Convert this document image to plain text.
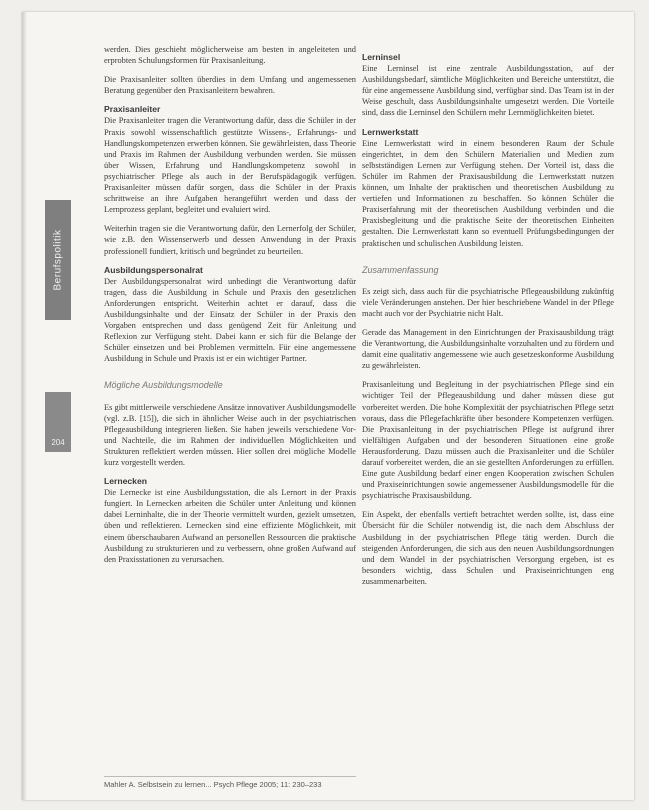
Berufspolitik
204

werden. Dies geschieht möglicherweise am besten in angeleiteten und erprobten Schulungsformen für Praxisanleitung.

Die Praxisanleiter sollten überdies in dem Umfang und angemessenen Beratung gegenüber den Praxisanleitern bewahren.

Praxisanleiter

Die Praxisanleiter tragen die Verantwortung dafür, dass die Schüler in der Praxis sowohl wissenschaftlich gestützte Wissens-, Erfahrungs- und Handlungskompetenzen erwerben können. Sie gewährleisten, dass Theorie und Praxis im Rahmen der Ausbildung verbunden werden. Sie müssen über Wissen, Erfahrung und Handlungskompetenz sowohl in psychiatrischer Pflege als auch in der Berufspädagogik verfügen. Praxisanleiter müssen dafür sorgen, dass die Schüler in der Praxis schrittweise an ihre Aufgaben herangeführt werden und dass der Lernprozess geplant, begleitet und evaluiert wird.

Weiterhin tragen sie die Verantwortung dafür, den Lernerfolg der Schüler, wie z.B. den Wissenserwerb und dessen Anwendung in der Praxis professionell fundiert, kritisch und begründet zu beurteilen.

Ausbildungspersonalrat

Der Ausbildungspersonalrat wird unbedingt die Verantwortung dafür tragen, dass die Ausbildung in Schule und Praxis den gesetzlichen Anforderungen entspricht. Weiterhin achtet er darauf, dass die Ausbildungsinhalte und der Einsatz der Schüler in der Praxis den Vorgaben entsprechen und dass genügend Zeit für Anleitung und Reflexion zur Verfügung steht. Dabei kann er sich für die Belange der Schüler einsetzen und bei Problemen vermitteln. Für eine angemessene Ausbildung in Schule und Praxis ist er ein wichtiger Partner.

Mögliche Ausbildungsmodelle

Es gibt mittlerweile verschiedene Ansätze innovativer Ausbildungsmodelle (vgl. z.B. [15]), die sich in ähnlicher Weise auch in der psychiatrischen Pflegeausbildung integrieren ließen. Sie haben jeweils verschiedene Vor- und Nachteile, die im Rahmen der individuellen Möglichkeiten und Strukturen reflektiert werden müssen. Hier sollen drei mögliche Modelle kurz vorgestellt werden.

Lernecken

Die Lernecke ist eine Ausbildungsstation, die als Lernort in der Praxis fungiert. In Lernecken arbeiten die Schüler unter Anleitung und können dabei Lerninhalte, die in der Theorie vermittelt wurden, gezielt umsetzen, üben und reflektieren. Lernecken sind eine effiziente Möglichkeit, mit einem überschaubaren Aufwand an personellen Ressourcen die praktische Ausbildung zu strukturieren und zu verbessern, ohne großen Aufwand auf den Praxisstationen zu verursachen.

Lerninsel

Eine Lerninsel ist eine zentrale Ausbildungsstation, auf der Ausbildungsbedarf, sämtliche Möglichkeiten und Bereiche unterstützt, die für eine angemessene Ausbildung sind, verfügbar sind. Das Team ist in der Weise geschult, dass Ausbildungsinhalte umgesetzt werden. Die Vorteile sind, dass die Lerninsel den Schülern mehr Lernmöglichkeiten bietet.

Lernwerkstatt

Eine Lernwerkstatt wird in einem besonderen Raum der Schule eingerichtet, in dem den Schülern Materialien und Medien zum selbstständigen Lernen zur Verfügung stehen. Der Vorteil ist, dass die Schüler im Rahmen der Praxisausbildung die Lernwerkstatt nutzen können, um Inhalte der praktischen und theoretischen Ausbildung zu vertiefen und Informationen zu beschaffen. So können Schüler die Praxiserfahrung mit der theoretischen Ausbildung verbinden und die Praxisbegleitung und die praktische Seite der theoretischen Einheiten gestalten. Die Lernwerkstatt kann so eventuell Prüfungsbedingungen der praktischen und schulischen Ausbildung leisten.

Zusammenfassung

Es zeigt sich, dass auch für die psychiatrische Pflegeausbildung zukünftig viele Veränderungen anstehen. Der hier beschriebene Wandel in der Pflege macht auch vor der Psychiatrie nicht Halt.

Gerade das Management in den Einrichtungen der Praxisausbildung trägt die Verantwortung, die Ausbildungsinhalte vorzuhalten und zu fördern und damit eine qualitativ angemessene wie auch gesetzeskonforme Ausbildung zu gewährleisten.

Praxisanleitung und Begleitung in der psychiatrischen Pflege sind ein wichtiger Teil der Pflegeausbildung und daher müssen diese gut vorbereitet werden. Die hohe Komplexität der psychiatrischen Pflege setzt voraus, dass die Pflegefachkräfte über besondere Kompetenzen verfügen. Die Praxisanleitung in der psychiatrischen Pflege ist aufgrund ihrer vielfältigen Aufgaben und der besonderen Situationen eine große Herausforderung. Dazu müssen auch die Praxisanleiter und die Schüler darauf vorbereitet werden, die an sie gestellten Anforderungen zu erfüllen. Eine gute Ausbildung bedarf einer engen Kooperation zwischen Schulen und Praxiseinrichtungen sowie angemessener Ausbildungsmodelle für die psychiatrische Praxisausbildung.

Ein Aspekt, der ebenfalls vertieft betrachtet werden sollte, ist, dass eine Übersicht für die Schüler notwendig ist, die nach dem Abschluss der Ausbildung in der psychiatrischen Pflege tätig werden. Durch die steigenden Anforderungen, die sich aus den neuen Ausbildungsordnungen und dem Wandel in der psychiatrischen Versorgung ergeben, ist es besonders wichtig, dass Schulen und Praxiseinrichtungen eng zusammenarbeiten.

Mahler A. Selbstsein zu lernen... Psych Pflege 2005; 11: 230–233
